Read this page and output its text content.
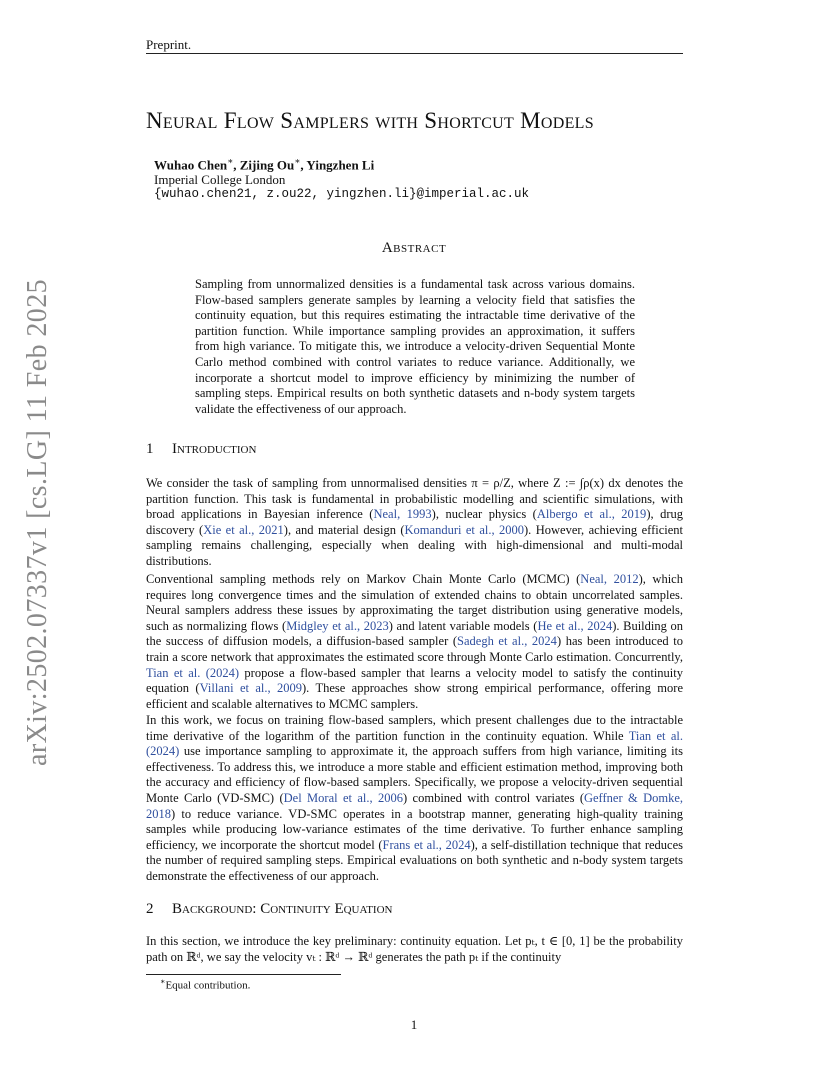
Preprint.
arXiv:2502.07337v1 [cs.LG] 11 Feb 2025
Neural Flow Samplers with Shortcut Models
Wuhao Chen∗, Zijing Ou∗, Yingzhen Li
Imperial College London
{wuhao.chen21, z.ou22, yingzhen.li}@imperial.ac.uk
Abstract
Sampling from unnormalized densities is a fundamental task across various domains. Flow-based samplers generate samples by learning a velocity field that satisfies the continuity equation, but this requires estimating the intractable time derivative of the partition function. While importance sampling provides an approximation, it suffers from high variance. To mitigate this, we introduce a velocity-driven Sequential Monte Carlo method combined with control variates to reduce variance. Additionally, we incorporate a shortcut model to improve efficiency by minimizing the number of sampling steps. Empirical results on both synthetic datasets and n-body system targets validate the effectiveness of our approach.
1 Introduction

We consider the task of sampling from unnormalised densities π = ρ/Z, where Z := ∫ρ(x) dx denotes the partition function. This task is fundamental in probabilistic modelling and scientific simulations, with broad applications in Bayesian inference (Neal, 1993), nuclear physics (Albergo et al., 2019), drug discovery (Xie et al., 2021), and material design (Komanduri et al., 2000). However, achieving efficient sampling remains challenging, especially when dealing with high-dimensional and multi-modal distributions.

Conventional sampling methods rely on Markov Chain Monte Carlo (MCMC) (Neal, 2012), which requires long convergence times and the simulation of extended chains to obtain uncorrelated samples. Neural samplers address these issues by approximating the target distribution using generative models, such as normalizing flows (Midgley et al., 2023) and latent variable models (He et al., 2024). Building on the success of diffusion models, a diffusion-based sampler (Sadegh et al., 2024) has been introduced to train a score network that approximates the estimated score through Monte Carlo estimation. Concurrently, Tian et al. (2024) propose a flow-based sampler that learns a velocity model to satisfy the continuity equation (Villani et al., 2009). These approaches show strong empirical performance, offering more efficient and scalable alternatives to MCMC samplers.

In this work, we focus on training flow-based samplers, which present challenges due to the intractable time derivative of the logarithm of the partition function in the continuity equation. While Tian et al. (2024) use importance sampling to approximate it, the approach suffers from high variance, limiting its effectiveness. To address this, we introduce a more stable and efficient estimation method, improving both the accuracy and efficiency of flow-based samplers. Specifically, we propose a velocity-driven sequential Monte Carlo (VD-SMC) (Del Moral et al., 2006) combined with control variates (Geffner & Domke, 2018) to reduce variance. VD-SMC operates in a bootstrap manner, generating high-quality training samples while producing low-variance estimates of the time derivative. To further enhance sampling efficiency, we incorporate the shortcut model (Frans et al., 2024), a self-distillation technique that reduces the number of required sampling steps. Empirical evaluations on both synthetic and n-body system targets demonstrate the effectiveness of our approach.

2 Background: Continuity Equation
In this section, we introduce the key preliminary: continuity equation. Let pₜ, t ∈ [0, 1] be the probability path on ℝᵈ, we say the velocity vₜ : ℝᵈ → ℝᵈ generates the path pₜ if the continuity
∗Equal contribution.
1
